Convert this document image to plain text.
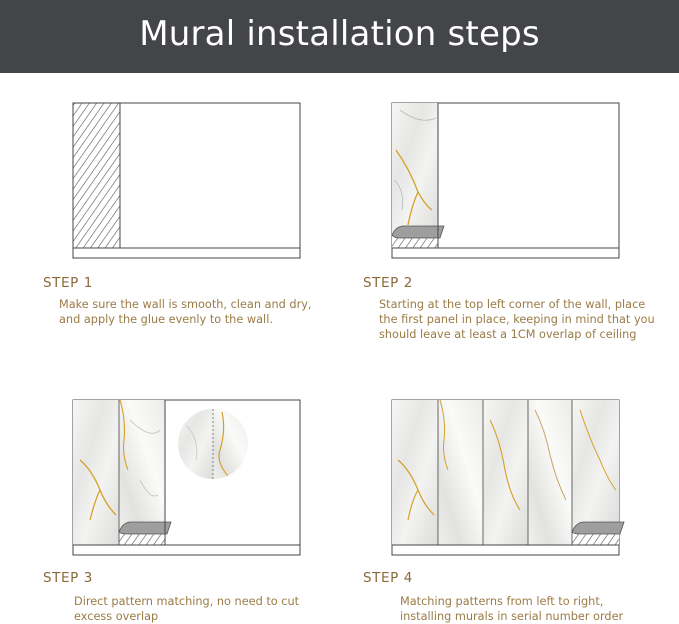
Mural installation steps
STEP 1
Make sure the wall is smooth, clean and dry,
and apply the glue evenly to the wall.
STEP 2
Starting at the top left corner of the wall, place
the first panel in place, keeping in mind that you
should leave at least a 1CM overlap of ceiling
STEP 3
Direct pattern matching, no need to cut
excess overlap
STEP 4
Matching patterns from left to right,
installing murals in serial number order
